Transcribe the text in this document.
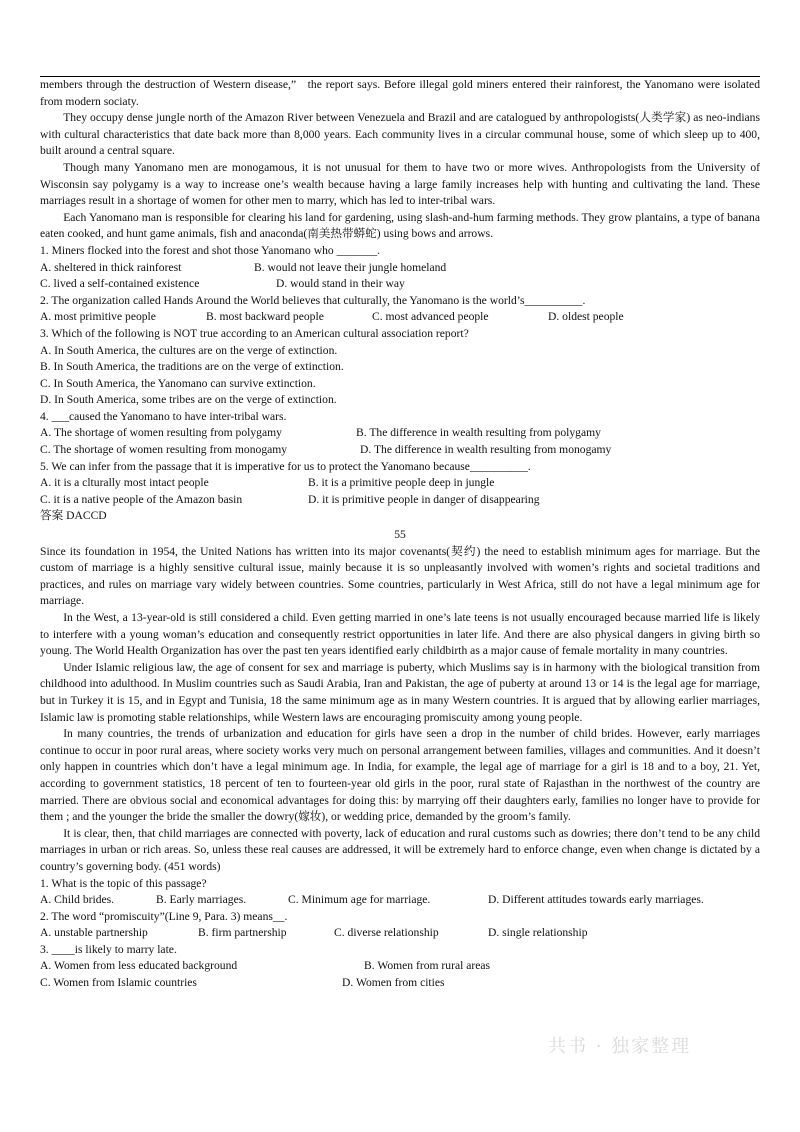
members through the destruction of Western disease,” the report says. Before illegal gold miners entered their rainforest, the Yanomano were isolated from modern sociaty.

They occupy dense jungle north of the Amazon River between Venezuela and Brazil and are catalogued by anthropologists(人类学家) as neo-indians with cultural characteristics that date back more than 8,000 years. Each community lives in a circular communal house, some of which sleep up to 400, built around a central square.

Though many Yanomano men are monogamous, it is not unusual for them to have two or more wives. Anthropologists from the University of Wisconsin say polygamy is a way to increase one’s wealth because having a large family increases help with hunting and cultivating the land. These marriages result in a shortage of women for other men to marry, which has led to inter-tribal wars.

Each Yanomano man is responsible for clearing his land for gardening, using slash-and-hum farming methods. They grow plantains, a type of banana eaten cooked, and hunt game animals, fish and anaconda(南美热带蟒蛇) using bows and arrows.

1. Miners flocked into the forest and shot those Yanomano who _______.
A. sheltered in thick rainforest	B. would not leave their jungle homeland
C. lived a self-contained existence	D. would stand in their way
2. The organization called Hands Around the World believes that culturally, the Yanomano is the world’s__________.
A. most primitive people	B. most backward people	C. most advanced people	D. oldest people
3. Which of the following is NOT true according to an American cultural association report?
A. In South America, the cultures are on the verge of extinction.
B. In South America, the traditions are on the verge of extinction.
C. In South America, the Yanomano can survive extinction.
D. In South America, some tribes are on the verge of extinction.
4. ___caused the Yanomano to have inter-tribal wars.
A. The shortage of women resulting from polygamy	B. The difference in wealth resulting from polygamy
C. The shortage of women resulting from monogamy	D. The difference in wealth resulting from monogamy
5. We can infer from the passage that it is imperative for us to protect the Yanomano because__________.
A. it is a clturally most intact people	B. it is a primitive people deep in jungle
C. it is a native people of the Amazon basin	D. it is primitive people in danger of disappearing
答案 DACCD
55

Since its foundation in 1954, the United Nations has written into its major covenants(契约) the need to establish minimum ages for marriage. But the custom of marriage is a highly sensitive cultural issue, mainly because it is so unpleasantly involved with women’s rights and societal traditions and practices, and rules on marriage vary widely between countries. Some countries, particularly in West Africa, still do not have a legal minimum age for marriage.

In the West, a 13-year-old is still considered a child. Even getting married in one’s late teens is not usually encouraged because married life is likely to interfere with a young woman’s education and consequently restrict opportunities in later life. And there are also physical dangers in giving birth so young. The World Health Organization has over the past ten years identified early childbirth as a major cause of female mortality in many countries.

Under Islamic religious law, the age of consent for sex and marriage is puberty, which Muslims say is in harmony with the biological transition from childhood into adulthood. In Muslim countries such as Saudi Arabia, Iran and Pakistan, the age of puberty at around 13 or 14 is the legal age for marriage, but in Turkey it is 15, and in Egypt and Tunisia, 18 the same minimum age as in many Western countries. It is argued that by allowing earlier marriages, Islamic law is promoting stable relationships, while Western laws are encouraging promiscuity among young people.

In many countries, the trends of urbanization and education for girls have seen a drop in the number of child brides. However, early marriages continue to occur in poor rural areas, where society works very much on personal arrangement between families, villages and communities. And it doesn’t only happen in countries which don’t have a legal minimum age. In India, for example, the legal age of marriage for a girl is 18 and to a boy, 21. Yet, according to government statistics, 18 percent of ten to fourteen-year old girls in the poor, rural state of Rajasthan in the northwest of the country are married. There are obvious social and economical advantages for doing this: by marrying off their daughters early, families no longer have to provide for them ; and the younger the bride the smaller the dowry(嫁妆), or wedding price, demanded by the groom’s family.

It is clear, then, that child marriages are connected with poverty, lack of education and rural customs such as dowries; there don’t tend to be any child marriages in urban or rich areas. So, unless these real causes are addressed, it will be extremely hard to enforce change, even when change is dictated by a country’s governing body. (451 words)

1. What is the topic of this passage?
A. Child brides.	B. Early marriages.	C. Minimum age for marriage.	D. Different attitudes towards early marriages.
2. The word “promiscuity”(Line 9, Para. 3) means__.
A. unstable partnership	B. firm partnership	C. diverse relationship	D. single relationship
3. ____is likely to marry late.
A. Women from less educated background	B. Women from rural areas
C. Women from Islamic countries	D. Women from cities
共书 · 独家整理
